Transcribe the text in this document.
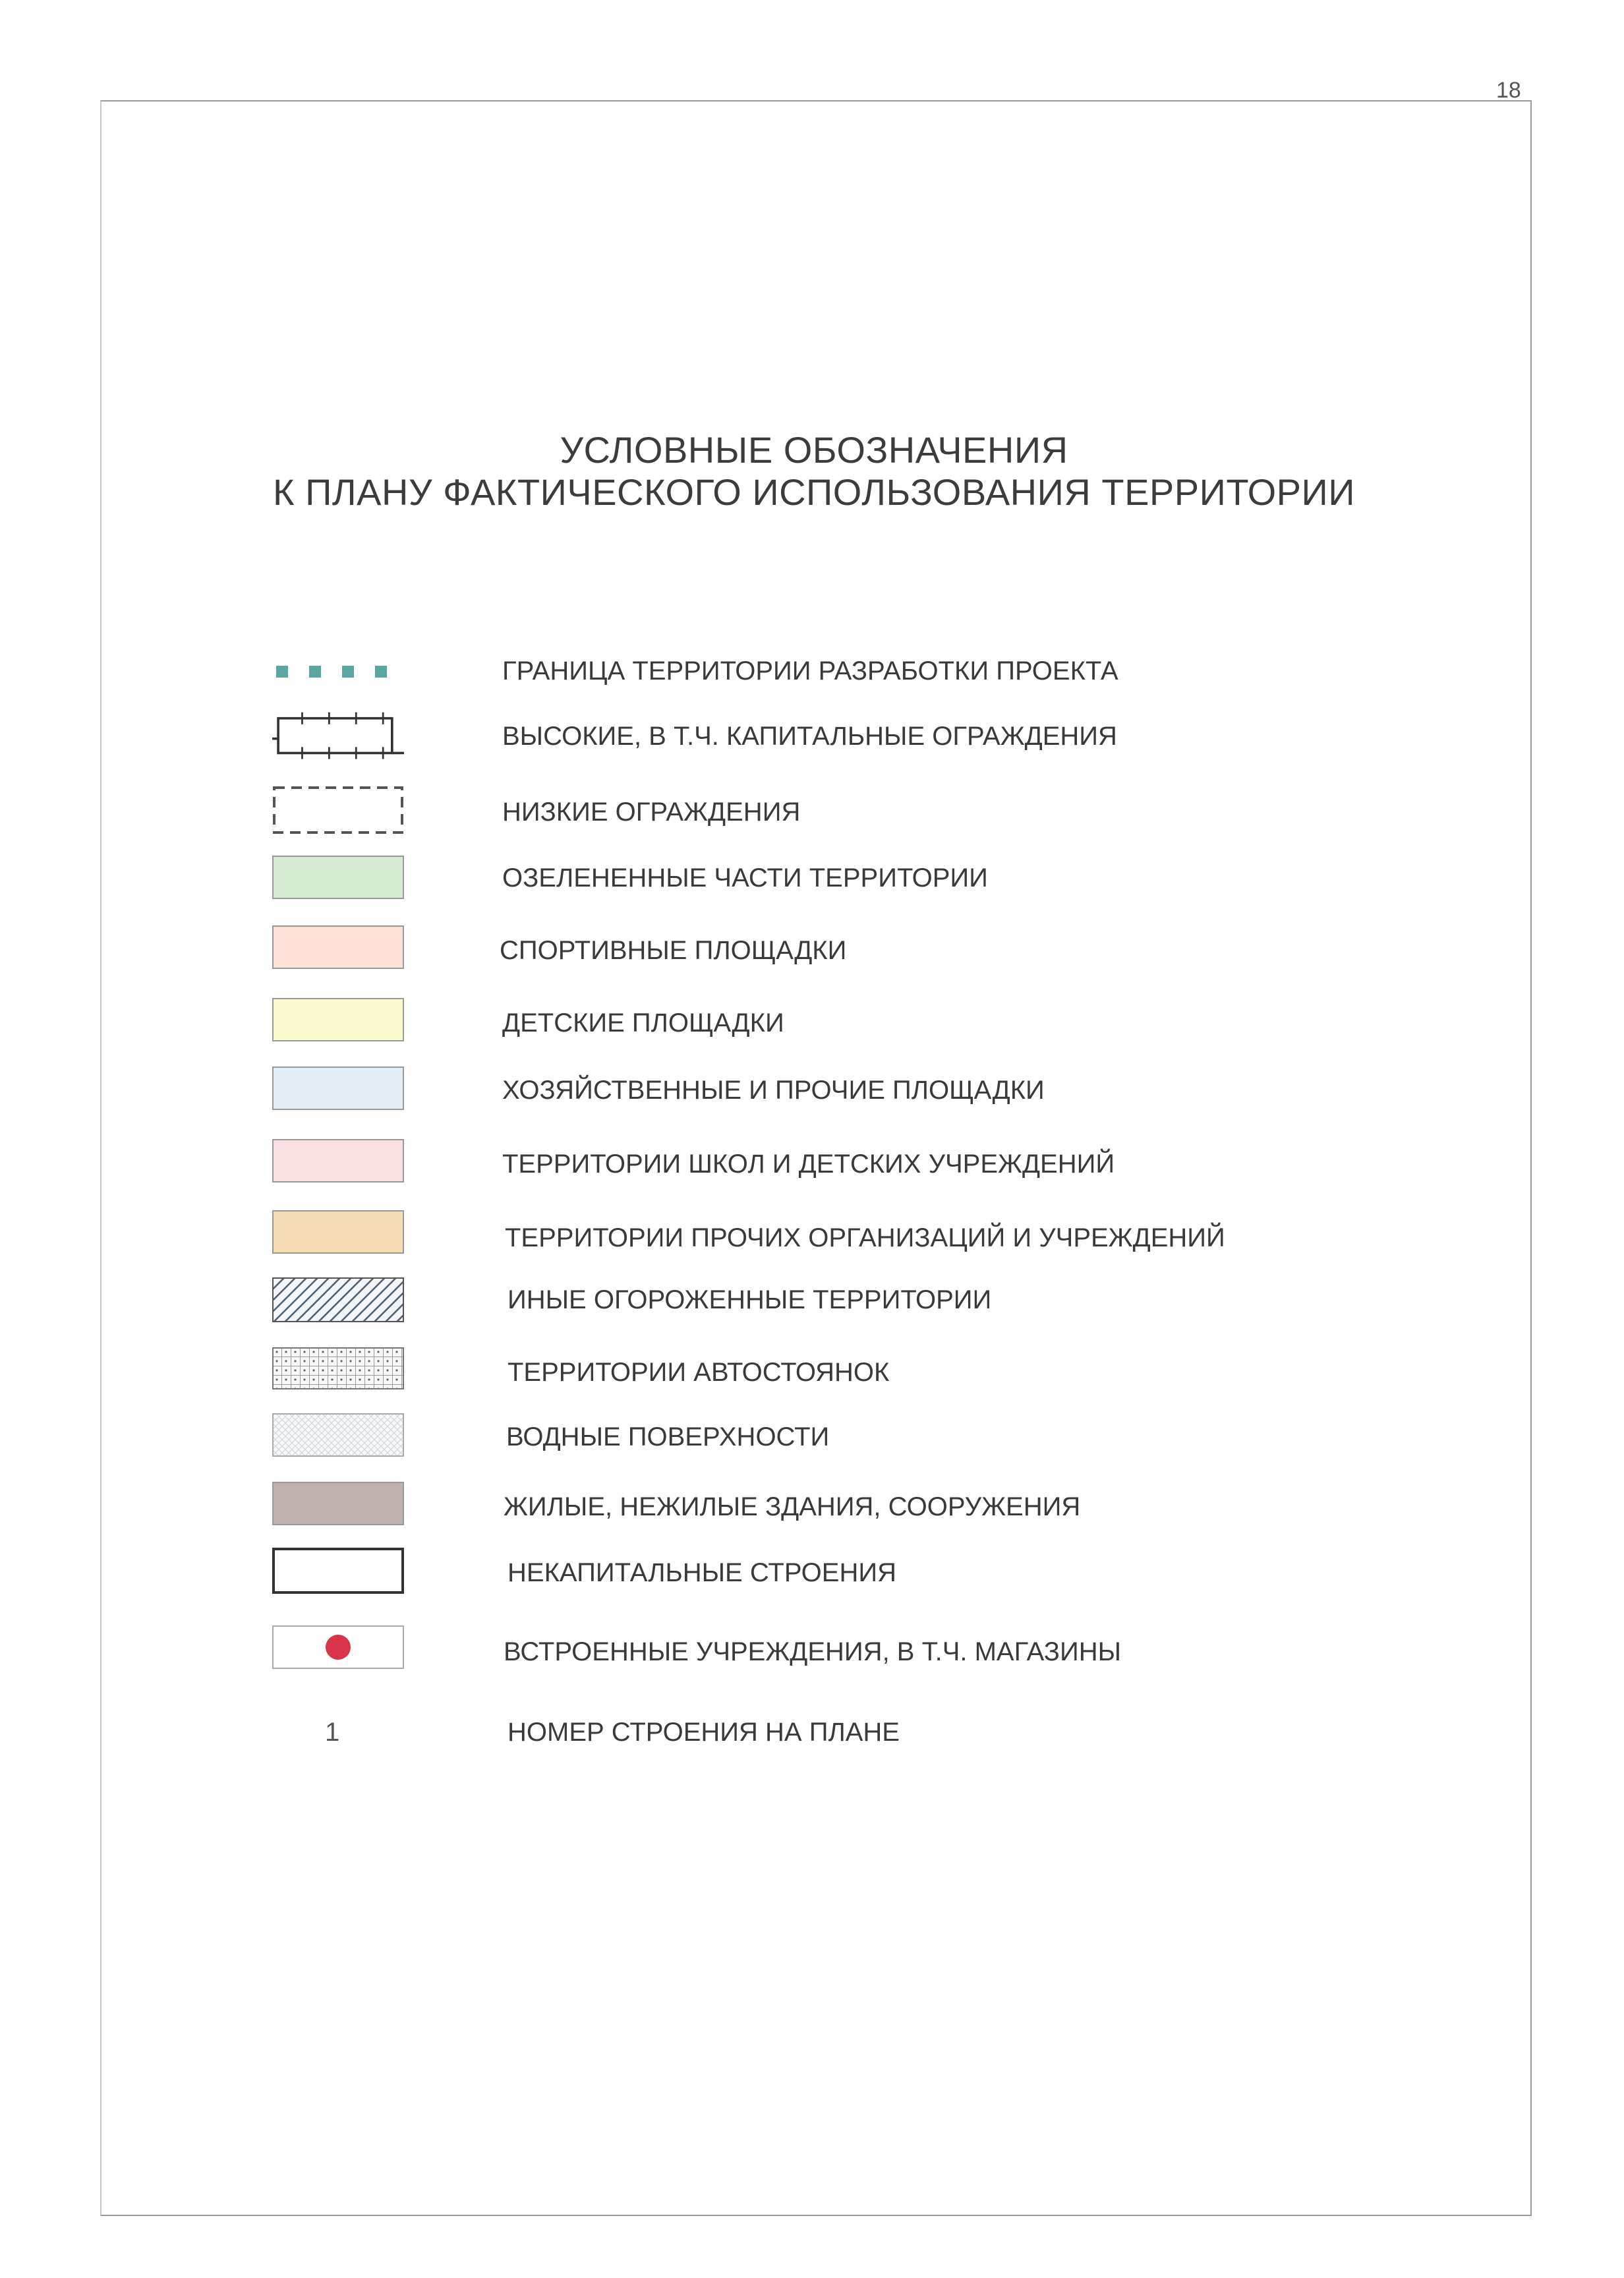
18
УСЛОВНЫЕ ОБОЗНАЧЕНИЯ
К ПЛАНУ ФАКТИЧЕСКОГО ИСПОЛЬЗОВАНИЯ ТЕРРИТОРИИ
ГРАНИЦА ТЕРРИТОРИИ РАЗРАБОТКИ ПРОЕКТА
ВЫСОКИЕ, В Т.Ч. КАПИТАЛЬНЫЕ ОГРАЖДЕНИЯ
НИЗКИЕ ОГРАЖДЕНИЯ
ОЗЕЛЕНЕННЫЕ ЧАСТИ ТЕРРИТОРИИ
СПОРТИВНЫЕ ПЛОЩАДКИ
ДЕТСКИЕ ПЛОЩАДКИ
ХОЗЯЙСТВЕННЫЕ И ПРОЧИЕ ПЛОЩАДКИ
ТЕРРИТОРИИ ШКОЛ И ДЕТСКИХ УЧРЕЖДЕНИЙ
ТЕРРИТОРИИ ПРОЧИХ ОРГАНИЗАЦИЙ И УЧРЕЖДЕНИЙ
ИНЫЕ ОГОРОЖЕННЫЕ ТЕРРИТОРИИ
ТЕРРИТОРИИ АВТОСТОЯНОК
ВОДНЫЕ ПОВЕРХНОСТИ
ЖИЛЫЕ, НЕЖИЛЫЕ ЗДАНИЯ, СООРУЖЕНИЯ
НЕКАПИТАЛЬНЫЕ СТРОЕНИЯ
ВСТРОЕННЫЕ УЧРЕЖДЕНИЯ, В Т.Ч. МАГАЗИНЫ
1	НОМЕР СТРОЕНИЯ НА ПЛАНЕ
